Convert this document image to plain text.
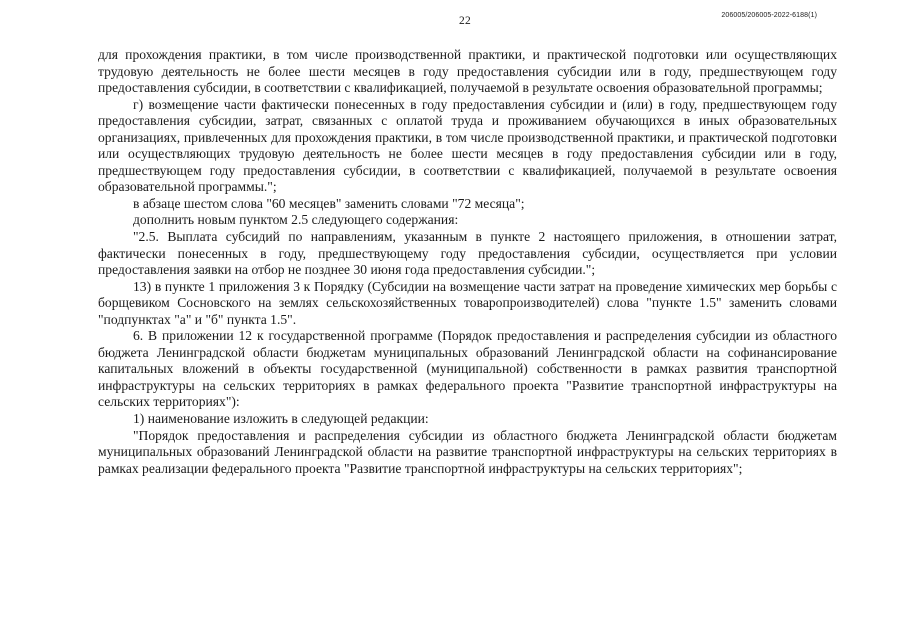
22	206005/206005-2022-6188(1)

для прохождения практики, в том числе производственной практики, и практической подготовки или осуществляющих трудовую деятельность не более шести месяцев в году предоставления субсидии или в году, предшествующем году предоставления субсидии, в соответствии с квалификацией, получаемой в результате освоения образовательной программы;

г) возмещение части фактически понесенных в году предоставления субсидии и (или) в году, предшествующем году предоставления субсидии, затрат, связанных с оплатой труда и проживанием обучающихся в иных образовательных организациях, привлеченных для прохождения практики, в том числе производственной практики, и практической подготовки или осуществляющих трудовую деятельность не более шести месяцев в году предоставления субсидии или в году, предшествующем году предоставления субсидии, в соответствии с квалификацией, получаемой в результате освоения образовательной программы.";

в абзаце шестом слова "60 месяцев" заменить словами "72 месяца";

дополнить новым пунктом 2.5 следующего содержания:

"2.5. Выплата субсидий по направлениям, указанным в пункте 2 настоящего приложения, в отношении затрат, фактически понесенных в году, предшествующему году предоставления субсидии, осуществляется при условии предоставления заявки на отбор не позднее 30 июня года предоставления субсидии.";

13) в пункте 1 приложения 3 к Порядку (Субсидии на возмещение части затрат на проведение химических мер борьбы с борщевиком Сосновского на землях сельскохозяйственных товаропроизводителей) слова "пункте 1.5" заменить словами "подпунктах "а" и "б" пункта 1.5".

6. В приложении 12 к государственной программе (Порядок предоставления и распределения субсидии из областного бюджета Ленинградской области бюджетам муниципальных образований Ленинградской области на софинансирование капитальных вложений в объекты государственной (муниципальной) собственности в рамках развития транспортной инфраструктуры на сельских территориях в рамках федерального проекта "Развитие транспортной инфраструктуры на сельских территориях"):

1) наименование изложить в следующей редакции:

"Порядок предоставления и распределения субсидии из областного бюджета Ленинградской области бюджетам муниципальных образований Ленинградской области на развитие транспортной инфраструктуры на сельских территориях в рамках реализации федерального проекта "Развитие транспортной инфраструктуры на сельских территориях";
